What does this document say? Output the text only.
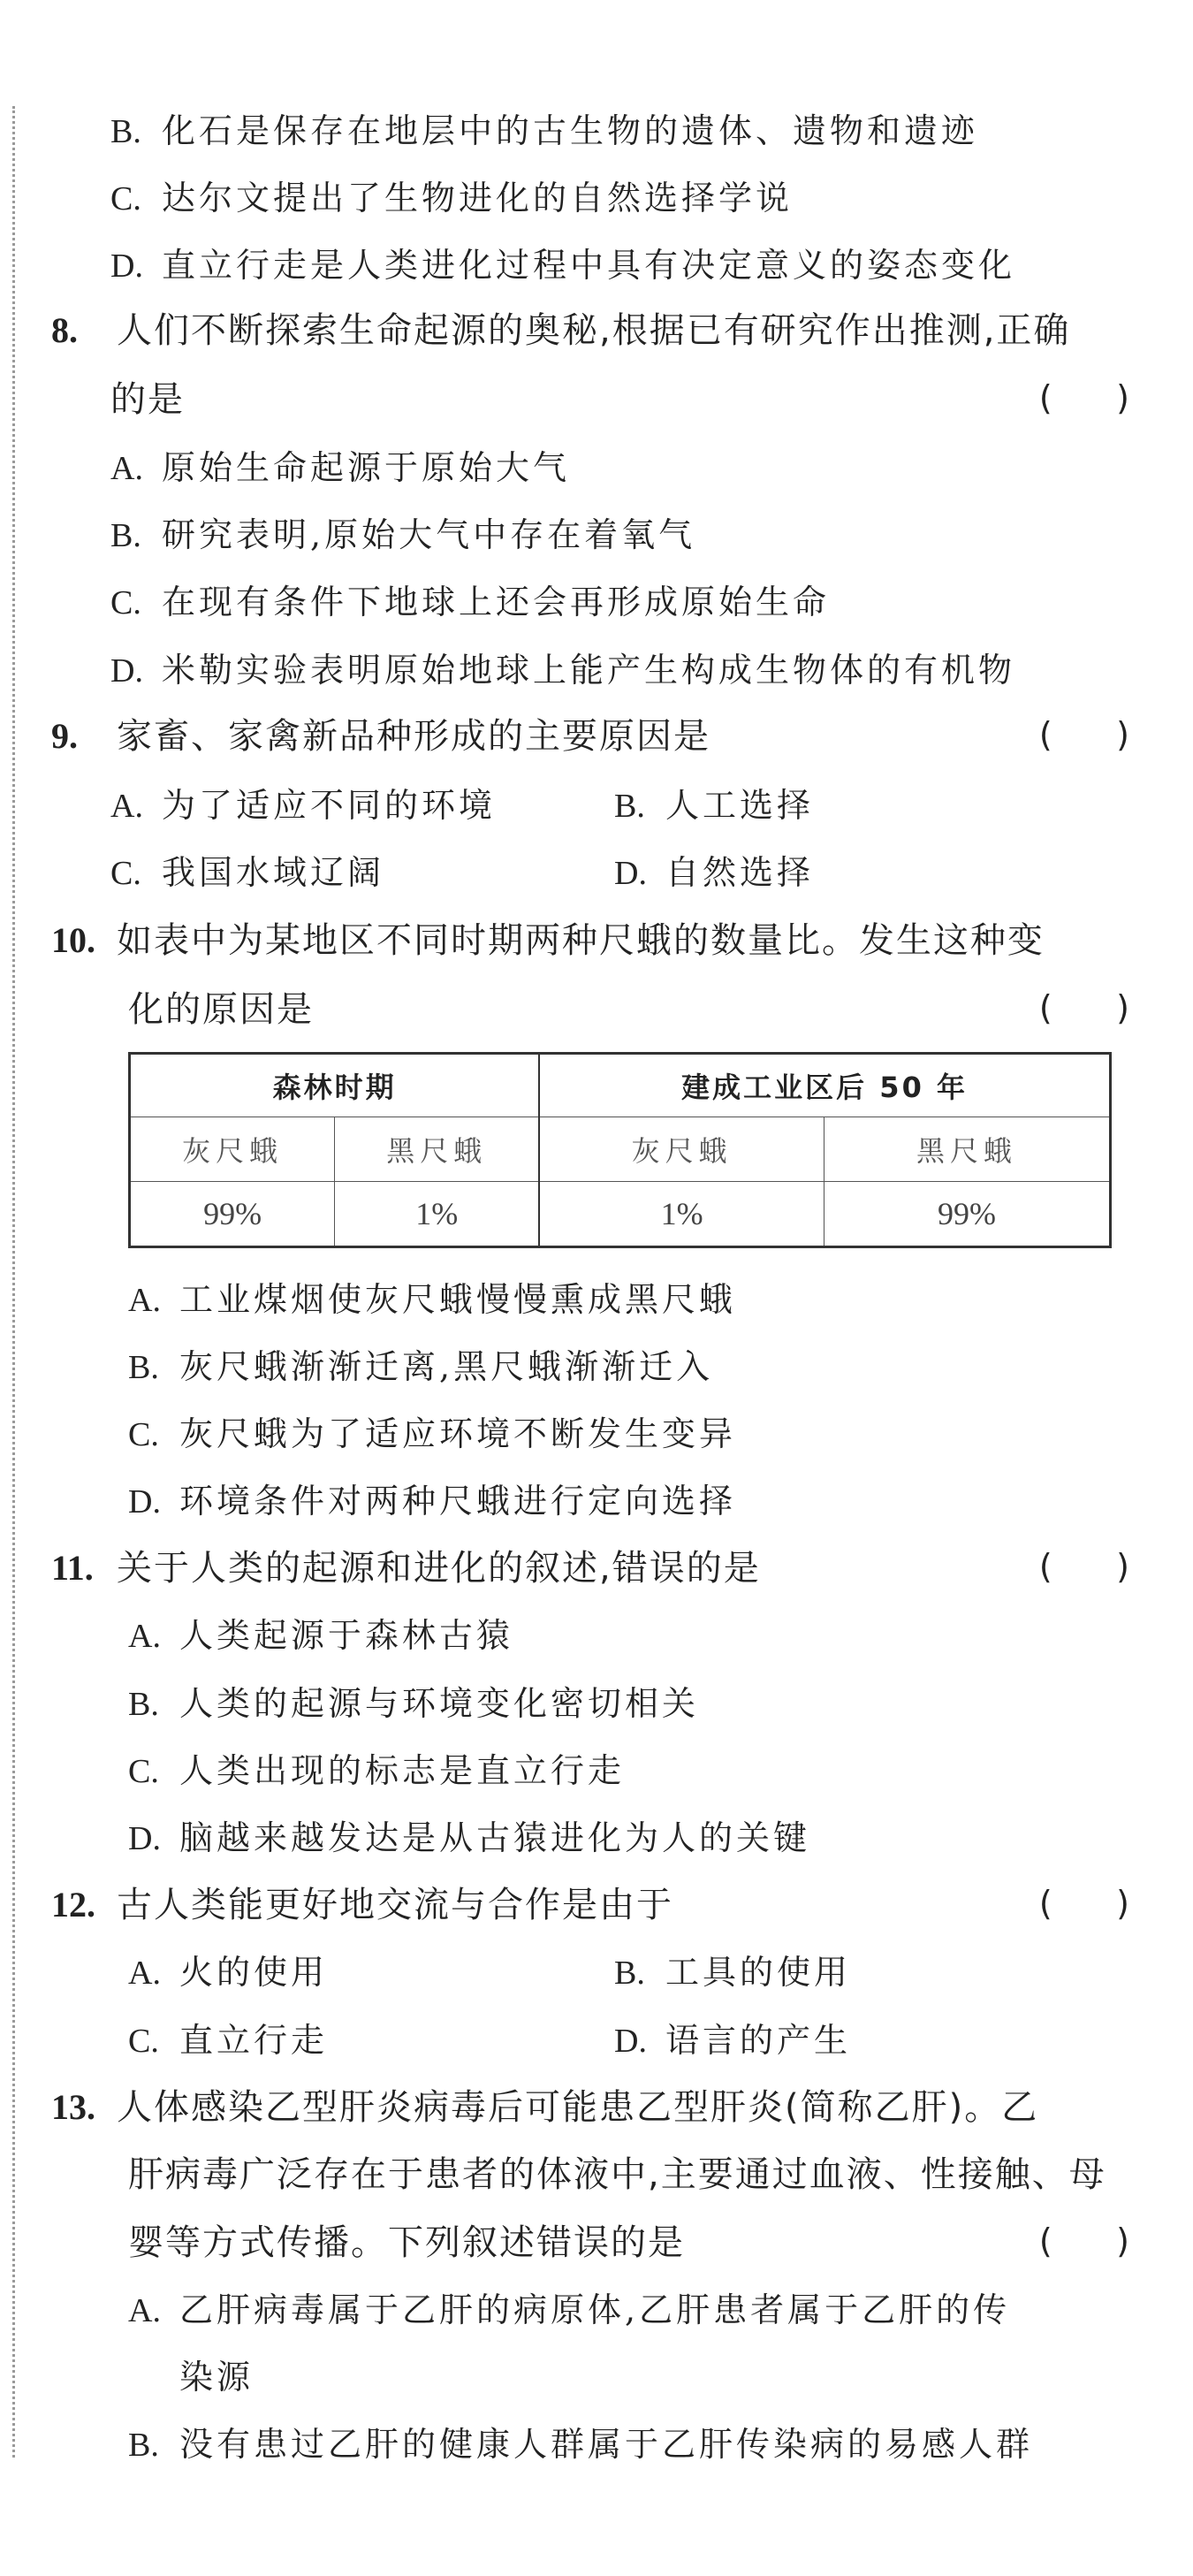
B. 化石是保存在地层中的古生物的遗体、遗物和遗迹
C. 达尔文提出了生物进化的自然选择学说
D. 直立行走是人类进化过程中具有决定意义的姿态变化
8. 人们不断探索生命起源的奥秘,根据已有研究作出推测,正确
的是	(      )
A. 原始生命起源于原始大气
B. 研究表明,原始大气中存在着氧气
C. 在现有条件下地球上还会再形成原始生命
D. 米勒实验表明原始地球上能产生构成生物体的有机物
9. 家畜、家禽新品种形成的主要原因是	(      )
A. 为了适应不同的环境	B. 人工选择
C. 我国水域辽阔	D. 自然选择
10. 如表中为某地区不同时期两种尺蛾的数量比。发生这种变
化的原因是	(      )
森林时期		建成工业区后 50 年	
灰尺蛾	黑尺蛾	灰尺蛾	黑尺蛾
99%	1%	1%	99%
A. 工业煤烟使灰尺蛾慢慢熏成黑尺蛾
B. 灰尺蛾渐渐迁离,黑尺蛾渐渐迁入
C. 灰尺蛾为了适应环境不断发生变异
D. 环境条件对两种尺蛾进行定向选择
11. 关于人类的起源和进化的叙述,错误的是	(      )
A. 人类起源于森林古猿
B. 人类的起源与环境变化密切相关
C. 人类出现的标志是直立行走
D. 脑越来越发达是从古猿进化为人的关键
12. 古人类能更好地交流与合作是由于	(      )
A. 火的使用	B. 工具的使用
C. 直立行走	D. 语言的产生
13. 人体感染乙型肝炎病毒后可能患乙型肝炎(简称乙肝)。乙
肝病毒广泛存在于患者的体液中,主要通过血液、性接触、母
婴等方式传播。下列叙述错误的是	(      )
A. 乙肝病毒属于乙肝的病原体,乙肝患者属于乙肝的传
染源
B. 没有患过乙肝的健康人群属于乙肝传染病的易感人群
